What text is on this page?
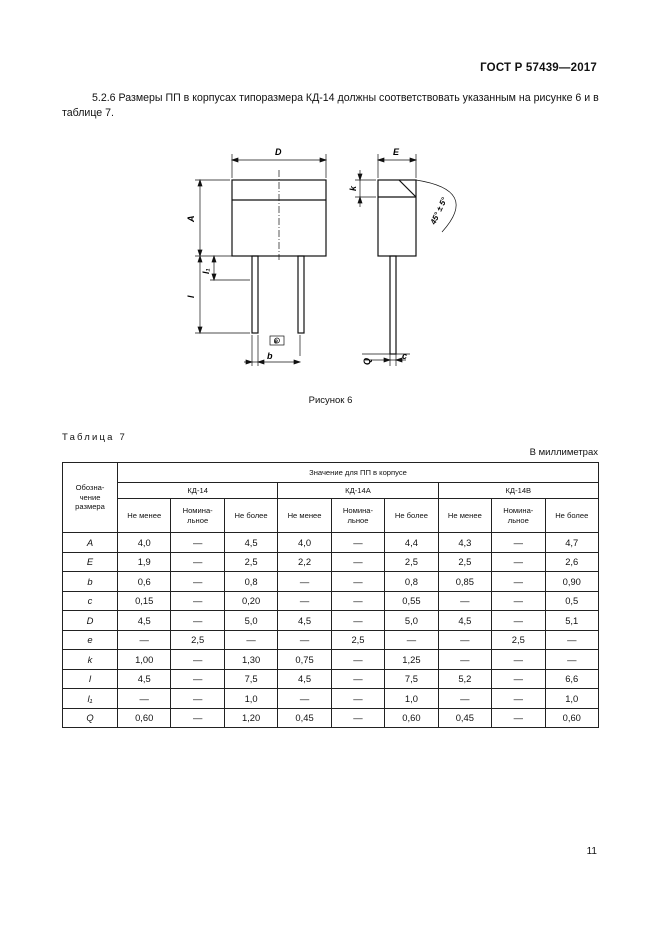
ГОСТ Р 57439—2017

5.2.6 Размеры ПП в корпусах типоразмера КД-14 должны соответствовать указанным на рисунке 6 и в таблице 7.

D	E
A
l₁
l
b
e
k
Q
c
45° ± 5°
Рисунок 6
Таблица 7
В миллиметрах
Обозна-чение размера	Значение для ПП в корпусе								
	КД-14			КД-14А			КД-14В		
	Не менее	Номина-льное	Не более	Не менее	Номина-льное	Не более	Не менее	Номина-льное	Не более
A	4,0	—	4,5	4,0	—	4,4	4,3	—	4,7
E	1,9	—	2,5	2,2	—	2,5	2,5	—	2,6
b	0,6	—	0,8	—	—	0,8	0,85	—	0,90
c	0,15	—	0,20	—	—	0,55	—	—	0,5
D	4,5	—	5,0	4,5	—	5,0	4,5	—	5,1
e	—	2,5	—	—	2,5	—	—	2,5	—
k	1,00	—	1,30	0,75	—	1,25	—	—	—
l	4,5	—	7,5	4,5	—	7,5	5,2	—	6,6
l₁	—	—	1,0	—	—	1,0	—	—	1,0
Q	0,60	—	1,20	0,45	—	0,60	0,45	—	0,60
11
